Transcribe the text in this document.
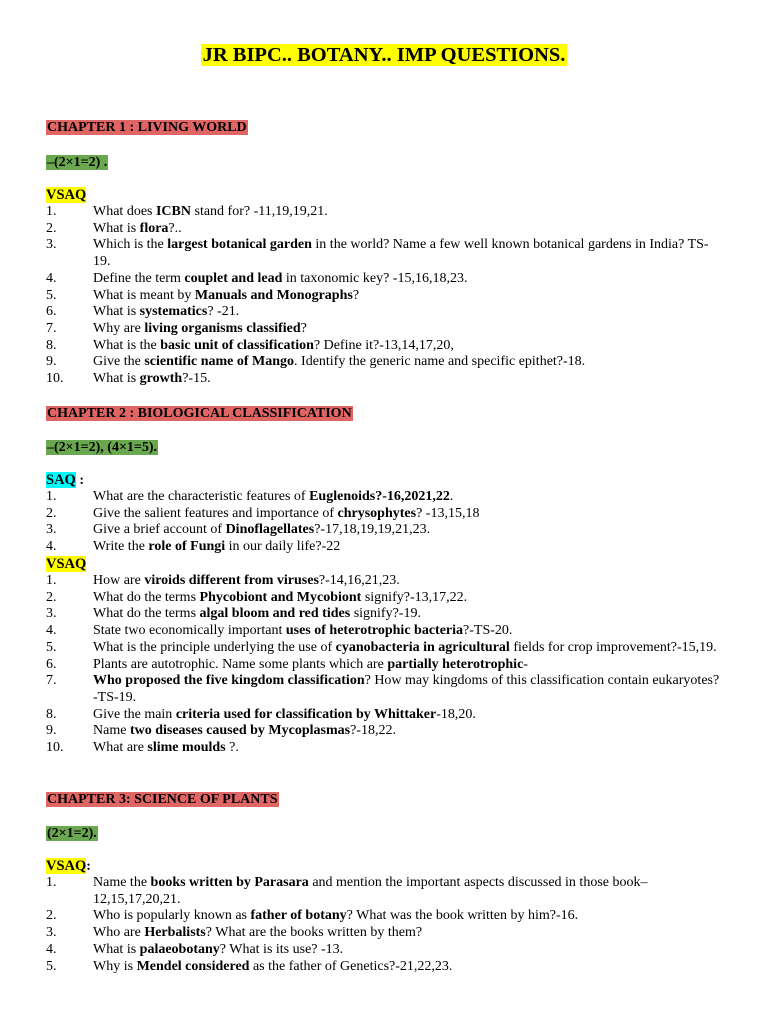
JR BIPC.. BOTANY.. IMP QUESTIONS.
CHAPTER 1 : LIVING WORLD
–(2×1=2) .
VSAQ
1.	What does ICBN stand for? -11,19,19,21.
2.	What is flora?..
3.	Which is the largest botanical garden in the world? Name a few well known botanical gardens in India? TS-19.
4.	Define the term couplet and lead in taxonomic key? -15,16,18,23.
5.	What is meant by Manuals and Monographs?
6.	What is systematics? -21.
7.	Why are living organisms classified?
8.	What is the basic unit of classification? Define it?-13,14,17,20,
9.	Give the scientific name of Mango. Identify the generic name and specific epithet?-18.
10. What is growth?-15.
CHAPTER 2 : BIOLOGICAL CLASSIFICATION
–(2×1=2), (4×1=5).
SAQ :
1.	What are the characteristic features of Euglenoids?-16,2021,22.
2.	Give the salient features and importance of chrysophytes? -13,15,18
3.	Give a brief account of Dinoflagellates?-17,18,19,19,21,23.
4.	Write the role of Fungi in our daily life?-22
VSAQ
1.	How are viroids different from viruses?-14,16,21,23.
2.	What do the terms Phycobiont and Mycobiont signify?-13,17,22.
3.	What do the terms algal bloom and red tides signify?-19.
4.	State two economically important uses of heterotrophic bacteria?-TS-20.
5.	What is the principle underlying the use of cyanobacteria in agricultural fields for crop improvement?-15,19.
6.	Plants are autotrophic. Name some plants which are partially heterotrophic-
7.	Who proposed the five kingdom classification? How may kingdoms of this classification contain eukaryotes? -TS-19.
8.	Give the main criteria used for classification by Whittaker-18,20.
9.	Name two diseases caused by Mycoplasmas?-18,22.
10. What are slime moulds ?.
CHAPTER 3: SCIENCE OF PLANTS
(2×1=2).
VSAQ:
1.	Name the books written by Parasara and mention the important aspects discussed in those book–12,15,17,20,21.
2.	Who is popularly known as father of botany? What was the book written by him?-16.
3.	Who are Herbalists? What are the books written by them?
4.	What is palaeobotany? What is its use? -13.
5.	Why is Mendel considered as the father of Genetics?-21,22,23.
